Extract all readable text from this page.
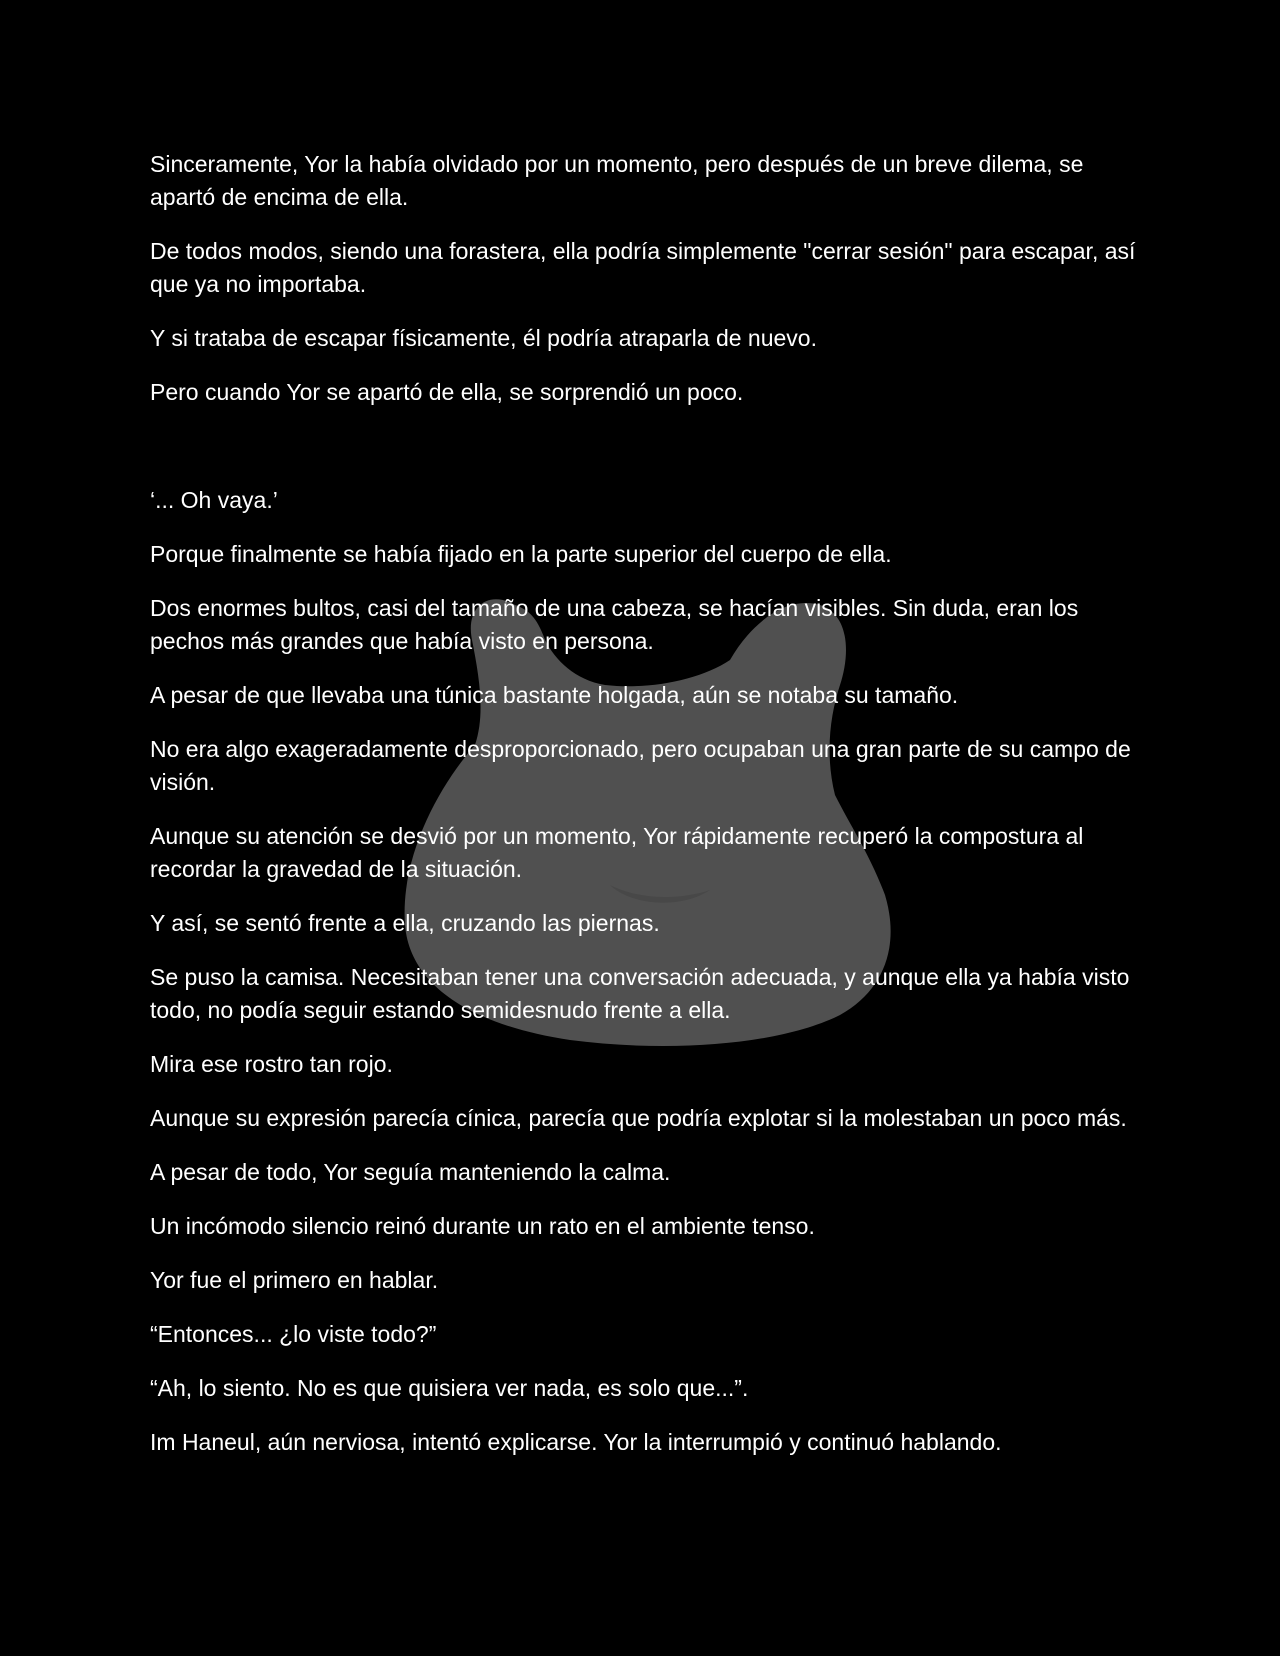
Sinceramente, Yor la había olvidado por un momento, pero después de un breve dilema, se apartó de encima de ella.

De todos modos, siendo una forastera, ella podría simplemente "cerrar sesión" para escapar, así que ya no importaba.

Y si trataba de escapar físicamente, él podría atraparla de nuevo.

Pero cuando Yor se apartó de ella, se sorprendió un poco.

‘... Oh vaya.’

Porque finalmente se había fijado en la parte superior del cuerpo de ella.

Dos enormes bultos, casi del tamaño de una cabeza, se hacían visibles. Sin duda, eran los pechos más grandes que había visto en persona.

A pesar de que llevaba una túnica bastante holgada, aún se notaba su tamaño.

No era algo exageradamente desproporcionado, pero ocupaban una gran parte de su campo de visión.

Aunque su atención se desvió por un momento, Yor rápidamente recuperó la compostura al recordar la gravedad de la situación.

Y así, se sentó frente a ella, cruzando las piernas.

Se puso la camisa. Necesitaban tener una conversación adecuada, y aunque ella ya había visto todo, no podía seguir estando semidesnudo frente a ella.

Mira ese rostro tan rojo.

Aunque su expresión parecía cínica, parecía que podría explotar si la molestaban un poco más.

A pesar de todo, Yor seguía manteniendo la calma.

Un incómodo silencio reinó durante un rato en el ambiente tenso.

Yor fue el primero en hablar.

“Entonces... ¿lo viste todo?”

“Ah, lo siento. No es que quisiera ver nada, es solo que...”.

Im Haneul, aún nerviosa, intentó explicarse. Yor la interrumpió y continuó hablando.
